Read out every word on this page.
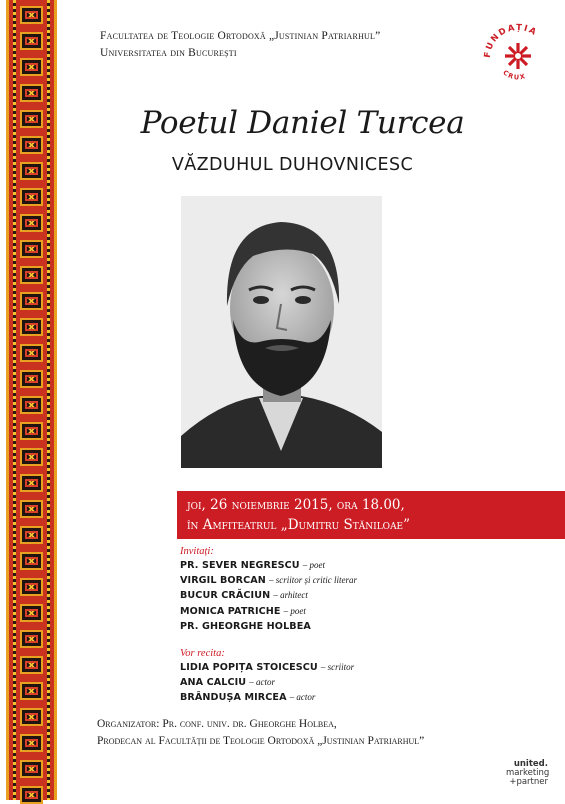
Facultatea de Teologie Ortodoxă „Justinian Patriarhul”
Universitatea din București	FUNDAȚIA
CRUX
Poetul Daniel Turcea
VĂZDUHUL DUHOVNICESC
joi, 26 noiembrie 2015, ora 18.00,
în Amfiteatrul „Dumitru Stăniloae”
Invitați:
PR. SEVER NEGRESCU – poet
VIRGIL BORCAN – scriitor și critic literar
BUCUR CRĂCIUN – arhitect
MONICA PATRICHE – poet
PR. GHEORGHE HOLBEA
Vor recita:
LIDIA POPIȚA STOICESCU – scriitor
ANA CALCIU – actor
BRÂNDUȘA MIRCEA – actor
Organizator: Pr. conf. univ. dr. Gheorghe Holbea,
Prodecan al Facultății de Teologie Ortodoxă „Justinian Patriarhul”
united.
marketing
+partner
